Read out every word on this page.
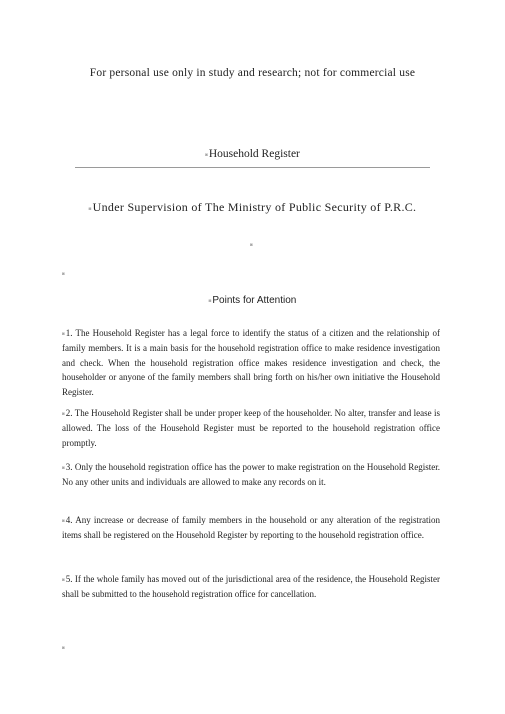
For personal use only in study and research; not for commercial use
◙Household Register
◙Under Supervision of The Ministry of Public Security of P.R.C.
◙
◙
◙Points for Attention
◙1. The Household Register has a legal force to identify the status of a citizen and the relationship of family members. It is a main basis for the household registration office to make residence investigation and check. When the household registration office makes residence investigation and check, the householder or anyone of the family members shall bring forth on his/her own initiative the Household Register.
◙2. The Household Register shall be under proper keep of the householder. No alter, transfer and lease is allowed. The loss of the Household Register must be reported to the household registration office promptly.
◙3. Only the household registration office has the power to make registration on the Household Register. No any other units and individuals are allowed to make any records on it.
◙4. Any increase or decrease of family members in the household or any alteration of the registration items shall be registered on the Household Register by reporting to the household registration office.
◙5. If the whole family has moved out of the jurisdictional area of the residence, the Household Register shall be submitted to the household registration office for cancellation.
◙
